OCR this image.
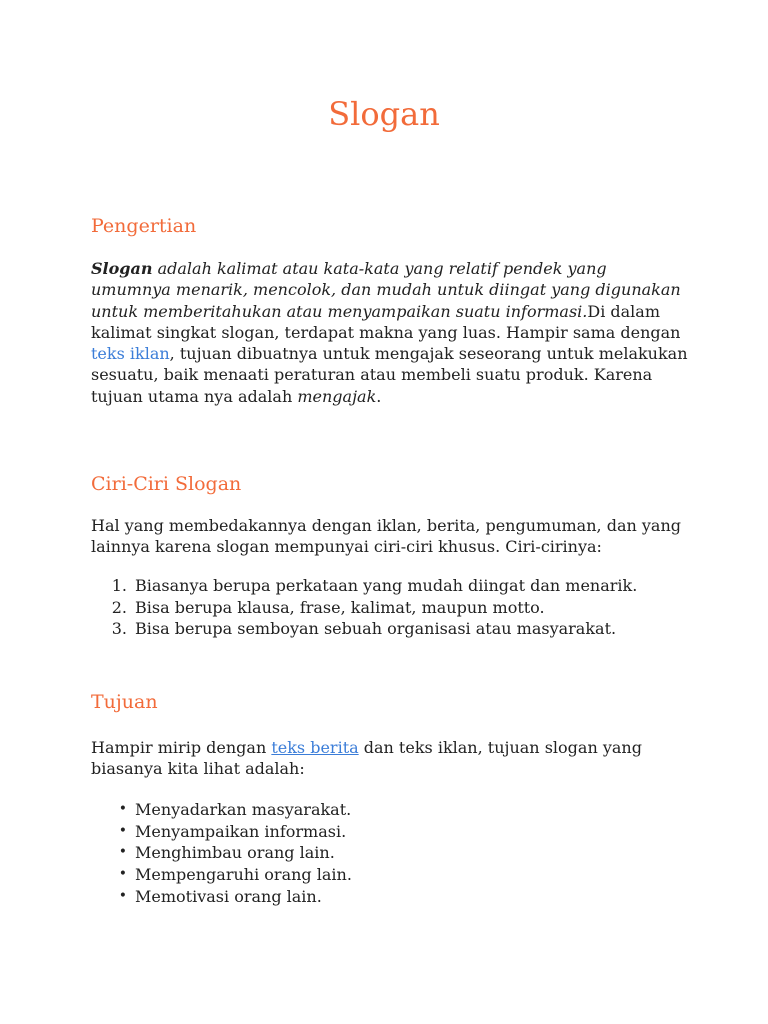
Slogan
Pengertian

Slogan adalah kalimat atau kata-kata yang relatif pendek yang umumnya menarik, mencolok, dan mudah untuk diingat yang digunakan untuk memberitahukan atau menyampaikan suatu informasi.Di dalam kalimat singkat slogan, terdapat makna yang luas. Hampir sama dengan teks iklan, tujuan dibuatnya untuk mengajak seseorang untuk melakukan sesuatu, baik menaati peraturan atau membeli suatu produk. Karena tujuan utama nya adalah mengajak.

Ciri-Ciri Slogan

Hal yang membedakannya dengan iklan, berita, pengumuman, dan yang lainnya karena slogan mempunyai ciri-ciri khusus. Ciri-cirinya:

1. Biasanya berupa perkataan yang mudah diingat dan menarik.
2. Bisa berupa klausa, frase, kalimat, maupun motto.
3. Bisa berupa semboyan sebuah organisasi atau masyarakat.
Tujuan

Hampir mirip dengan teks berita dan teks iklan, tujuan slogan yang biasanya kita lihat adalah:

• Menyadarkan masyarakat.
• Menyampaikan informasi.
• Menghimbau orang lain.
• Mempengaruhi orang lain.
• Memotivasi orang lain.
